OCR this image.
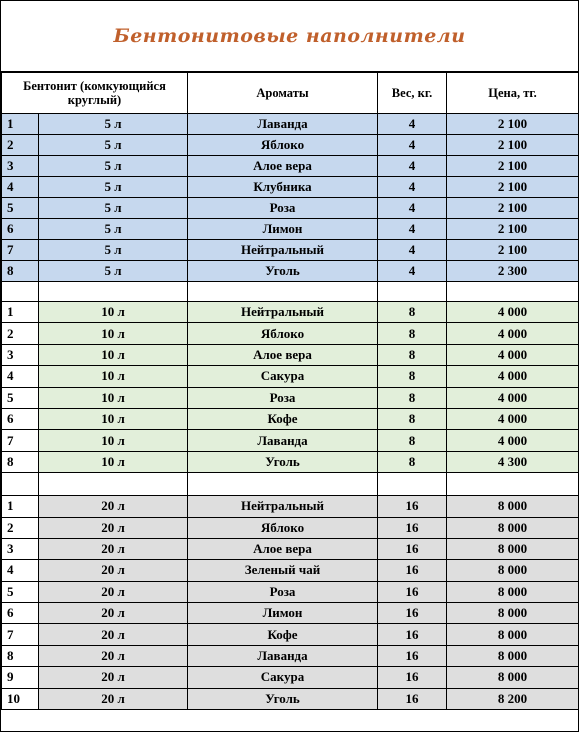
Бентонитовые наполнители
Бентонит (комкующийся круглый)		Ароматы	Вес, кг.	Цена, тг.
1	5 л	Лаванда	4	2 100
2	5 л	Яблоко	4	2 100
3	5 л	Алое вера	4	2 100
4	5 л	Клубника	4	2 100
5	5 л	Роза	4	2 100
6	5 л	Лимон	4	2 100
7	5 л	Нейтральный	4	2 100
8	5 л	Уголь	4	2 300

1	10 л	Нейтральный	8	4 000
2	10 л	Яблоко	8	4 000
3	10 л	Алое вера	8	4 000
4	10 л	Сакура	8	4 000
5	10 л	Роза	8	4 000
6	10 л	Кофе	8	4 000
7	10 л	Лаванда	8	4 000
8	10 л	Уголь	8	4 300

1	20 л	Нейтральный	16	8 000
2	20 л	Яблоко	16	8 000
3	20 л	Алое вера	16	8 000
4	20 л	Зеленый чай	16	8 000
5	20 л	Роза	16	8 000
6	20 л	Лимон	16	8 000
7	20 л	Кофе	16	8 000
8	20 л	Лаванда	16	8 000
9	20 л	Сакура	16	8 000
10	20 л	Уголь	16	8 200
